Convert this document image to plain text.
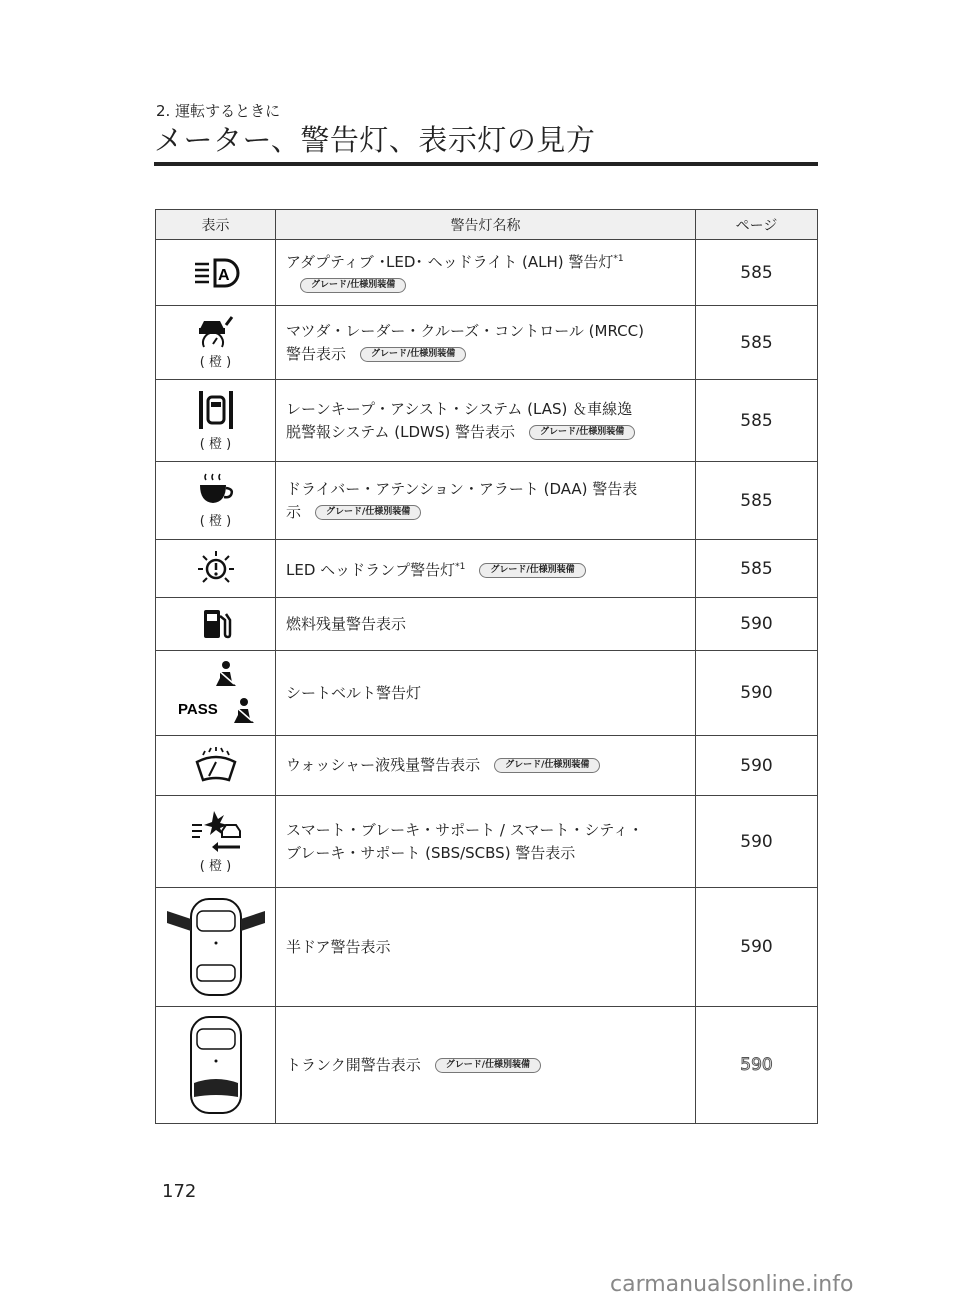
2. 運転するときに
メーター、警告灯、表示灯の見方
表示	警告灯名称	ページ

A	アダプティブ ･LED･ ヘッドライト (ALH) 警告灯$^{*1}$
グレード/仕様別装備	585

( 橙 )	マツダ・レーダー・クルーズ・コントロール (MRCC)
警告表示 グレード/仕様別装備	585

( 橙 )	レーンキープ・アシスト・システム (LAS) ＆車線逸
脱警報システム (LDWS) 警告表示 グレード/仕様別装備	585

( 橙 )	ドライバー・アテンション・アラート (DAA) 警告表
示 グレード/仕様別装備	585

	LED ヘッドランプ警告灯$^{*1}$ グレード/仕様別装備	585

	燃料残量警告表示	590

PASS	シートベルト警告灯	590

	ウォッシャー液残量警告表示 グレード/仕様別装備	590

( 橙 )	スマート・ブレーキ・サポート / スマート・シティ・
ブレーキ・サポート (SBS/SCBS) 警告表示	590

	半ドア警告表示	590

	トランク開警告表示 グレード/仕様別装備	590
172
carmanualsonline.info
